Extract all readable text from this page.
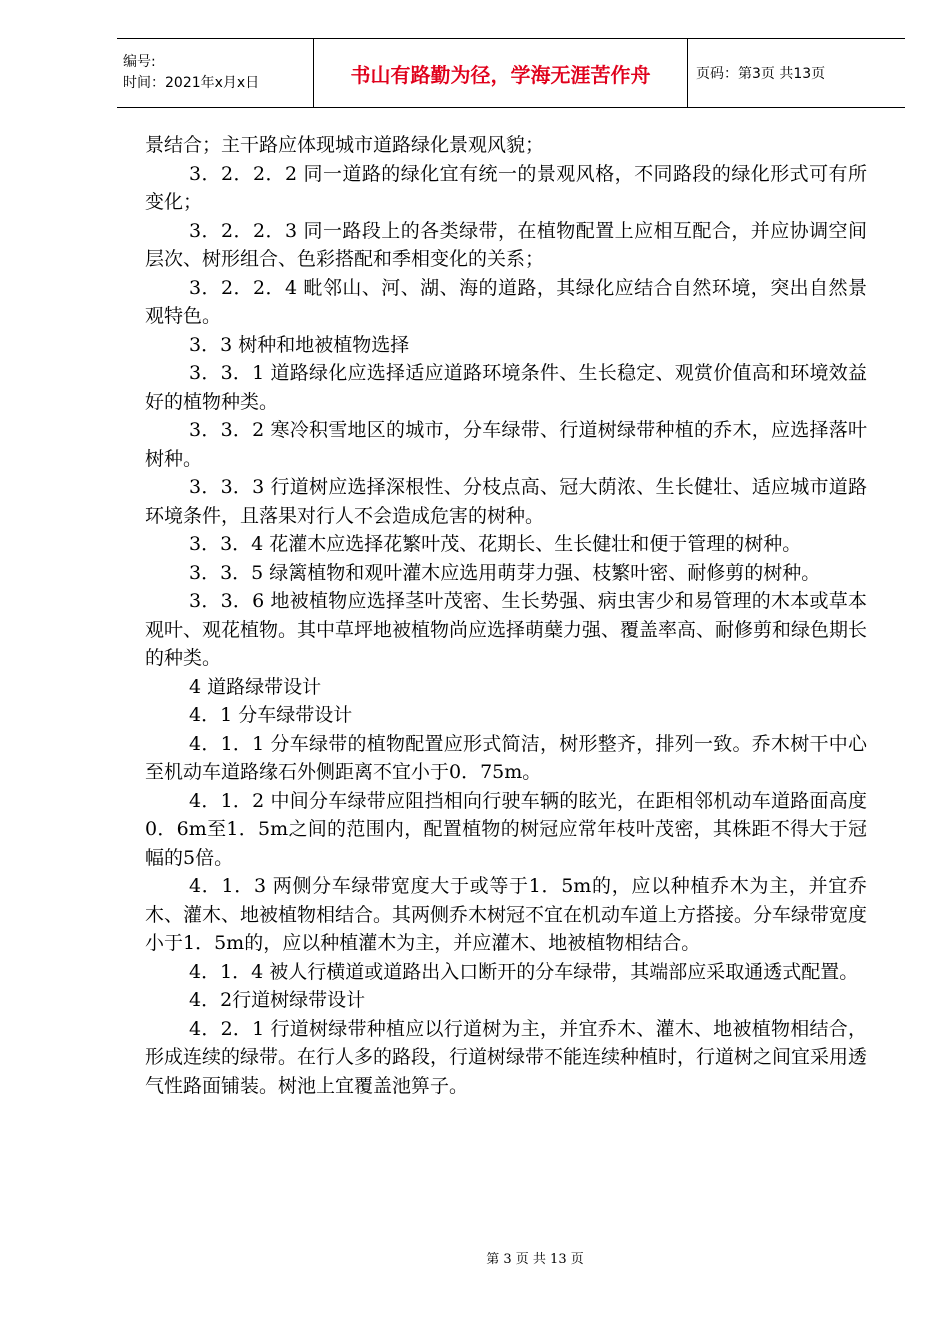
编号:
时间：2021年x月x日	书山有路勤为径，学海无涯苦作舟	页码：第3页 共13页

景结合；主干路应体现城市道路绿化景观风貌；

3．2．2．2 同一道路的绿化宜有统一的景观风格，不同路段的绿化形式可有所变化；

3．2．2．3 同一路段上的各类绿带，在植物配置上应相互配合，并应协调空间层次、树形组合、色彩搭配和季相变化的关系；

3．2．2．4 毗邻山、河、湖、海的道路，其绿化应结合自然环境，突出自然景观特色。

3．3 树种和地被植物选择

3．3．1 道路绿化应选择适应道路环境条件、生长稳定、观赏价值高和环境效益好的植物种类。

3．3．2 寒冷积雪地区的城市，分车绿带、行道树绿带种植的乔木，应选择落叶树种。

3．3．3 行道树应选择深根性、分枝点高、冠大荫浓、生长健壮、适应城市道路环境条件，且落果对行人不会造成危害的树种。

3．3．4 花灌木应选择花繁叶茂、花期长、生长健壮和便于管理的树种。

3．3．5 绿篱植物和观叶灌木应选用萌芽力强、枝繁叶密、耐修剪的树种。

3．3．6 地被植物应选择茎叶茂密、生长势强、病虫害少和易管理的木本或草本观叶、观花植物。其中草坪地被植物尚应选择萌蘖力强、覆盖率高、耐修剪和绿色期长的种类。

4 道路绿带设计

4．1 分车绿带设计

4．1．1 分车绿带的植物配置应形式简洁，树形整齐，排列一致。乔木树干中心至机动车道路缘石外侧距离不宜小于0．75m。

4．1．2 中间分车绿带应阻挡相向行驶车辆的眩光，在距相邻机动车道路面高度0．6m至1．5m之间的范围内，配置植物的树冠应常年枝叶茂密，其株距不得大于冠幅的5倍。

4．1．3 两侧分车绿带宽度大于或等于1．5m的，应以种植乔木为主，并宜乔木、灌木、地被植物相结合。其两侧乔木树冠不宜在机动车道上方搭接。分车绿带宽度小于1．5m的，应以种植灌木为主，并应灌木、地被植物相结合。

4．1．4 被人行横道或道路出入口断开的分车绿带，其端部应采取通透式配置。

4．2行道树绿带设计

4．2．1 行道树绿带种植应以行道树为主，并宜乔木、灌木、地被植物相结合，形成连续的绿带。在行人多的路段，行道树绿带不能连续种植时，行道树之间宜采用透气性路面铺装。树池上宜覆盖池箅子。

第 3 页 共 13 页
